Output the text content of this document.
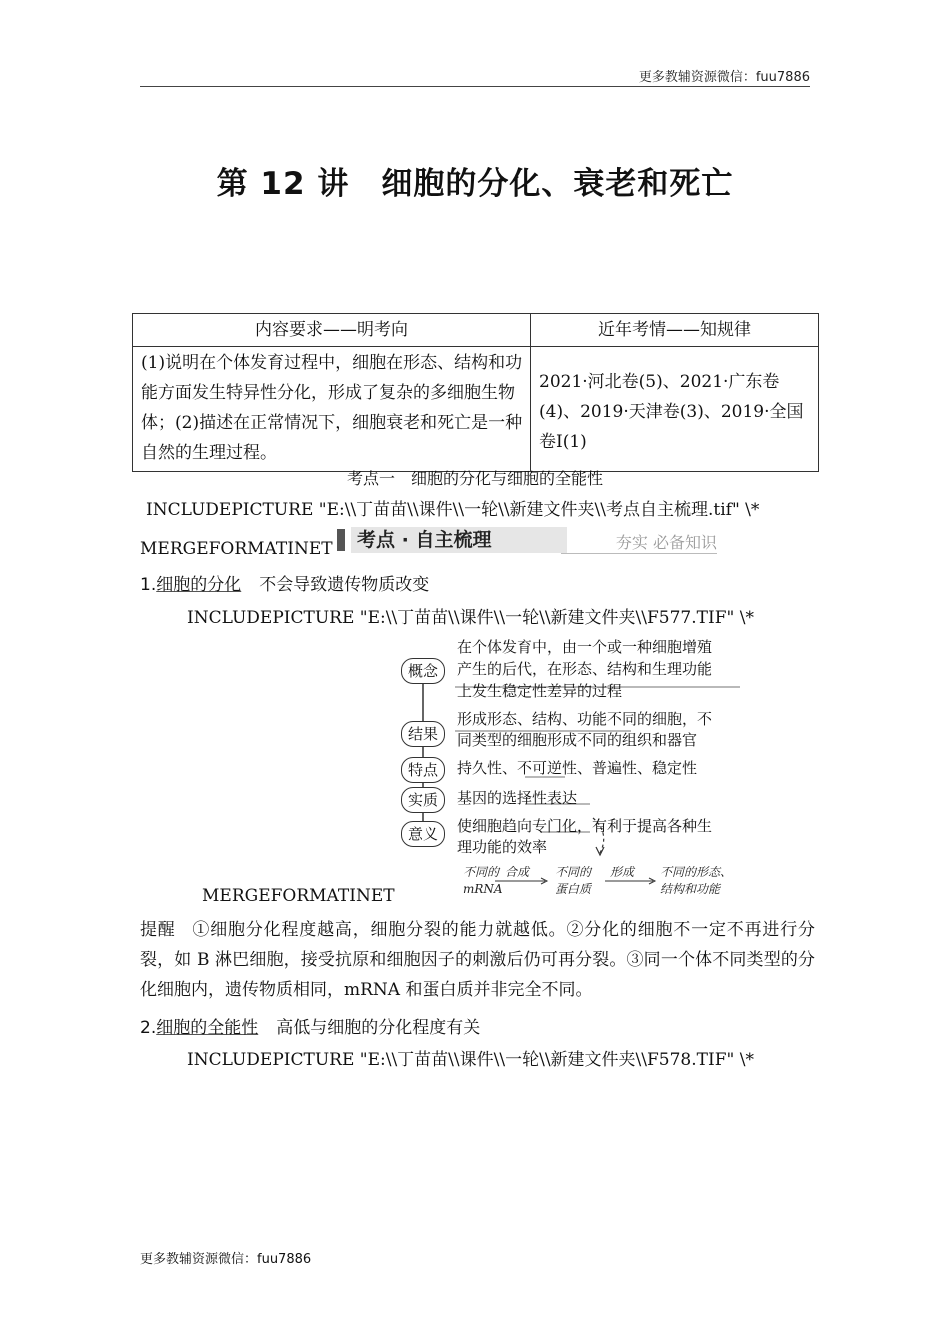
更多教辅资源微信：fuu7886
第 12 讲　细胞的分化、衰老和死亡
内容要求——明考向	近年考情——知规律
(1)说明在个体发育过程中，细胞在形态、结构和功能方面发生特异性分化，形成了复杂的多细胞生物体；(2)描述在正常情况下，细胞衰老和死亡是一种自然的生理过程。	2021·河北卷(5)、2021·广东卷(4)、2019·天津卷(3)、2019·全国卷Ⅰ(1)
考点一　细胞的分化与细胞的全能性
INCLUDEPICTURE "E:\\丁苗苗\\课件\\一轮\\新建文件夹\\考点自主梳理.tif" \*
MERGEFORMATINET	考点 · 自主梳理	夯实 必备知识
1.细胞的分化 不会导致遗传物质改变
INCLUDEPICTURE "E:\\丁苗苗\\课件\\一轮\\新建文件夹\\F577.TIF" \*
概念
结果
特点
实质
意义
在个体发育中，由一个或一种细胞增殖
产生的后代，在形态、结构和生理功能
上发生稳定性差异的过程
形成形态、结构、功能不同的细胞，不
同类型的细胞形成不同的组织和器官
持久性、不可逆性、普遍性、稳定性
基因的选择性表达
使细胞趋向专门化，有利于提高各种生
理功能的效率
不同的
mRNA
合成 不同的
蛋白质
形成 不同的形态、
结构和功能
MERGEFORMATINET
提醒 ①细胞分化程度越高，细胞分裂的能力就越低。②分化的细胞不一定不再进行分裂，如 B 淋巴细胞，接受抗原和细胞因子的刺激后仍可再分裂。③同一个体不同类型的分化细胞内，遗传物质相同，mRNA 和蛋白质并非完全不同。
2.细胞的全能性 高低与细胞的分化程度有关
INCLUDEPICTURE "E:\\丁苗苗\\课件\\一轮\\新建文件夹\\F578.TIF" \*
更多教辅资源微信：fuu7886
